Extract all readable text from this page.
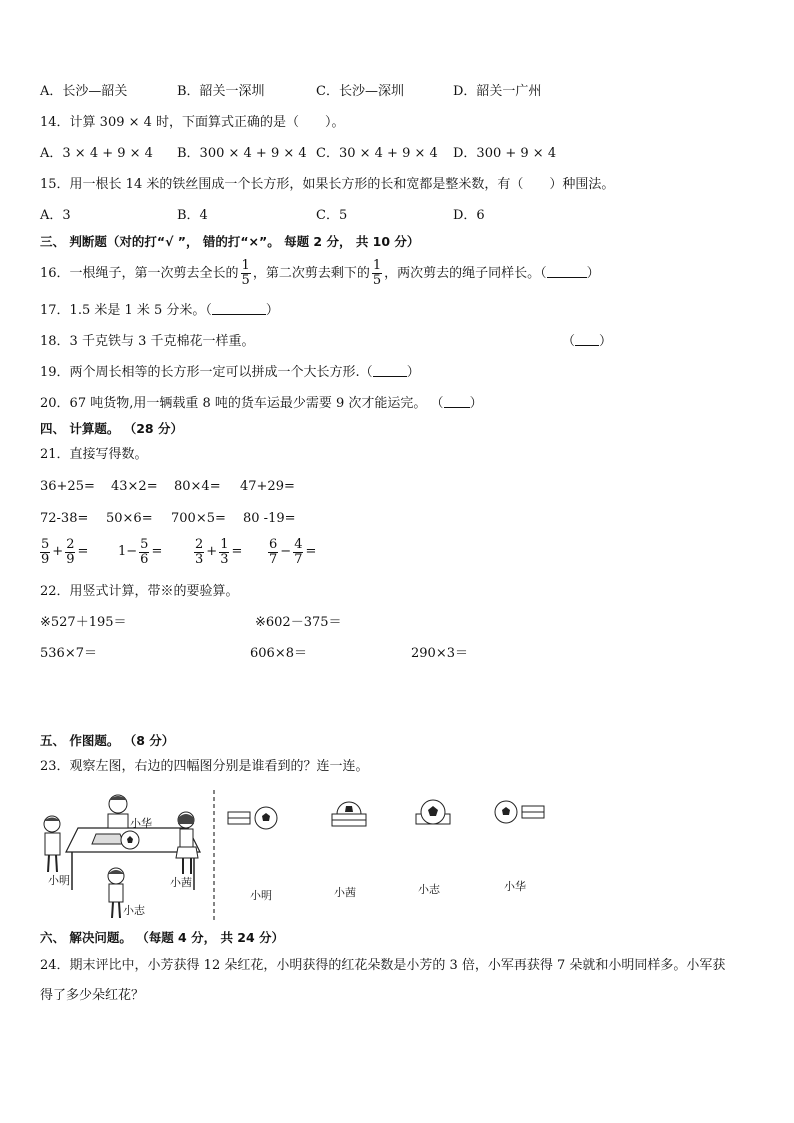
A．长沙—韶关	B．韶关一深圳	C．长沙—深圳	D．韶关一广州
14．计算 309 × 4 时，下面算式正确的是（　　）。
A．3 × 4 + 9 × 4 B．300 × 4 + 9 × 4 C．30 × 4 + 9 × 4 D．300 + 9 × 4
15．用一根长 14 米的铁丝围成一个长方形，如果长方形的长和宽都是整米数，有（　　）种围法。
A．3	B．4	C．5	D．6
三、 判断题（对的打“√ ”， 错的打“×”。 每题 2 分， 共 10 分）
16．一根绳子，第一次剪去全长的 $\frac{1}{5}$ ，第二次剪去剩下的 $\frac{1}{5}$ ，两次剪去的绳子同样长。（	）
17．1.5 米是 1 米 5 分米。（	）
18．3 千克铁与 3 千克棉花一样重。	（ ）
19．两个周长相等的长方形一定可以拼成一个大长方形.（	）
20．67 吨货物,用一辆载重 8 吨的货车运最少需要 9 次才能运完。 （ ）
四、 计算题。 （28 分）
21．直接写得数。
36+25= 43×2= 80×4= 47+29=
72-38= 50×6= 700×5= 80 -19=
$\frac{5}{9} + \frac{2}{9} = 1- \frac{5}{6} = \frac{2}{3} + \frac{1}{3} = \frac{6}{7} - \frac{4}{7}$ =
22．用竖式计算，带※的要验算。
※527＋195＝	※602－375＝
536×7＝	606×8＝	290×3＝
五、 作图题。 （8 分）
23．观察左图，右边的四幅图分别是谁看到的？连一连。
小华
小明	小茜
小志
小明	小茜	小志	小华
六、 解决问题。 （每题 4 分， 共 24 分）
24．期末评比中，小芳获得 12 朵红花，小明获得的红花朵数是小芳的 3 倍，小军再获得 7 朵就和小明同样多。小军获
得了多少朵红花？
